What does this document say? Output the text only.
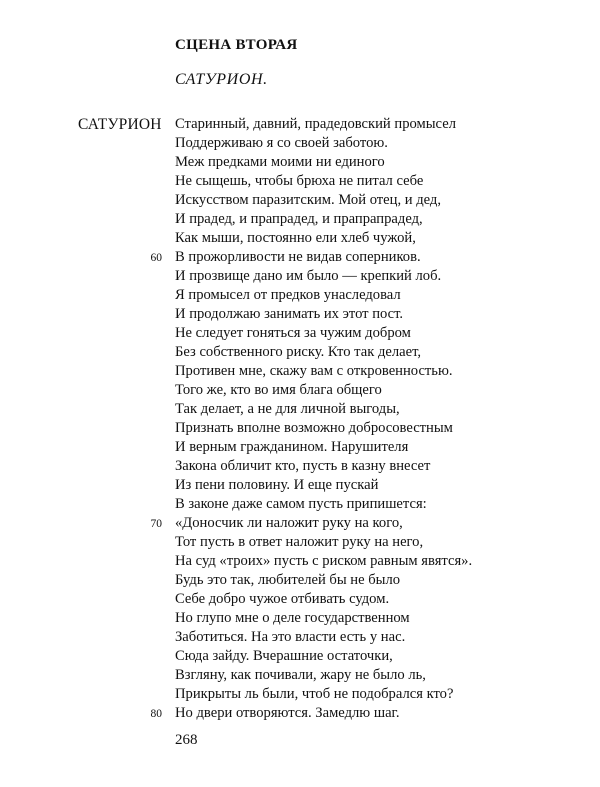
СЦЕНА ВТОРАЯ

САТУРИОН.

САТУРИОН Старинный, давний, прадедовский промысел
Поддерживаю я со своей заботою.
Меж предками моими ни единого
Не сыщешь, чтобы брюха не питал себе
Искусством паразитским. Мой отец, и дед,
И прадед, и прапрадед, и прапрапрадед,
Как мыши, постоянно ели хлеб чужой,
60 В прожорливости не видав соперников.
И прозвище дано им было — крепкий лоб.
Я промысел от предков унаследовал
И продолжаю занимать их этот пост.
Не следует гоняться за чужим добром
Без собственного риску. Кто так делает,
Противен мне, скажу вам с откровенностью.
Того же, кто во имя блага общего
Так делает, а не для личной выгоды,
Признать вполне возможно добросовестным
И верным гражданином. Нарушителя
Закона обличит кто, пусть в казну внесет
Из пени половину. И еще пускай
В законе даже самом пусть припишется:
70 «Доносчик ли наложит руку на кого,
Тот пусть в ответ наложит руку на него,
На суд «троих» пусть с риском равным явятся».
Будь это так, любителей бы не было
Себе добро чужое отбивать судом.
Но глупо мне о деле государственном
Заботиться. На это власти есть у нас.
Сюда зайду. Вчерашние остаточки,
Взгляну, как почивали, жару не было ль,
Прикрыты ль были, чтоб не подобрался кто?
80 Но двери отворяются. Замедлю шаг.

268
